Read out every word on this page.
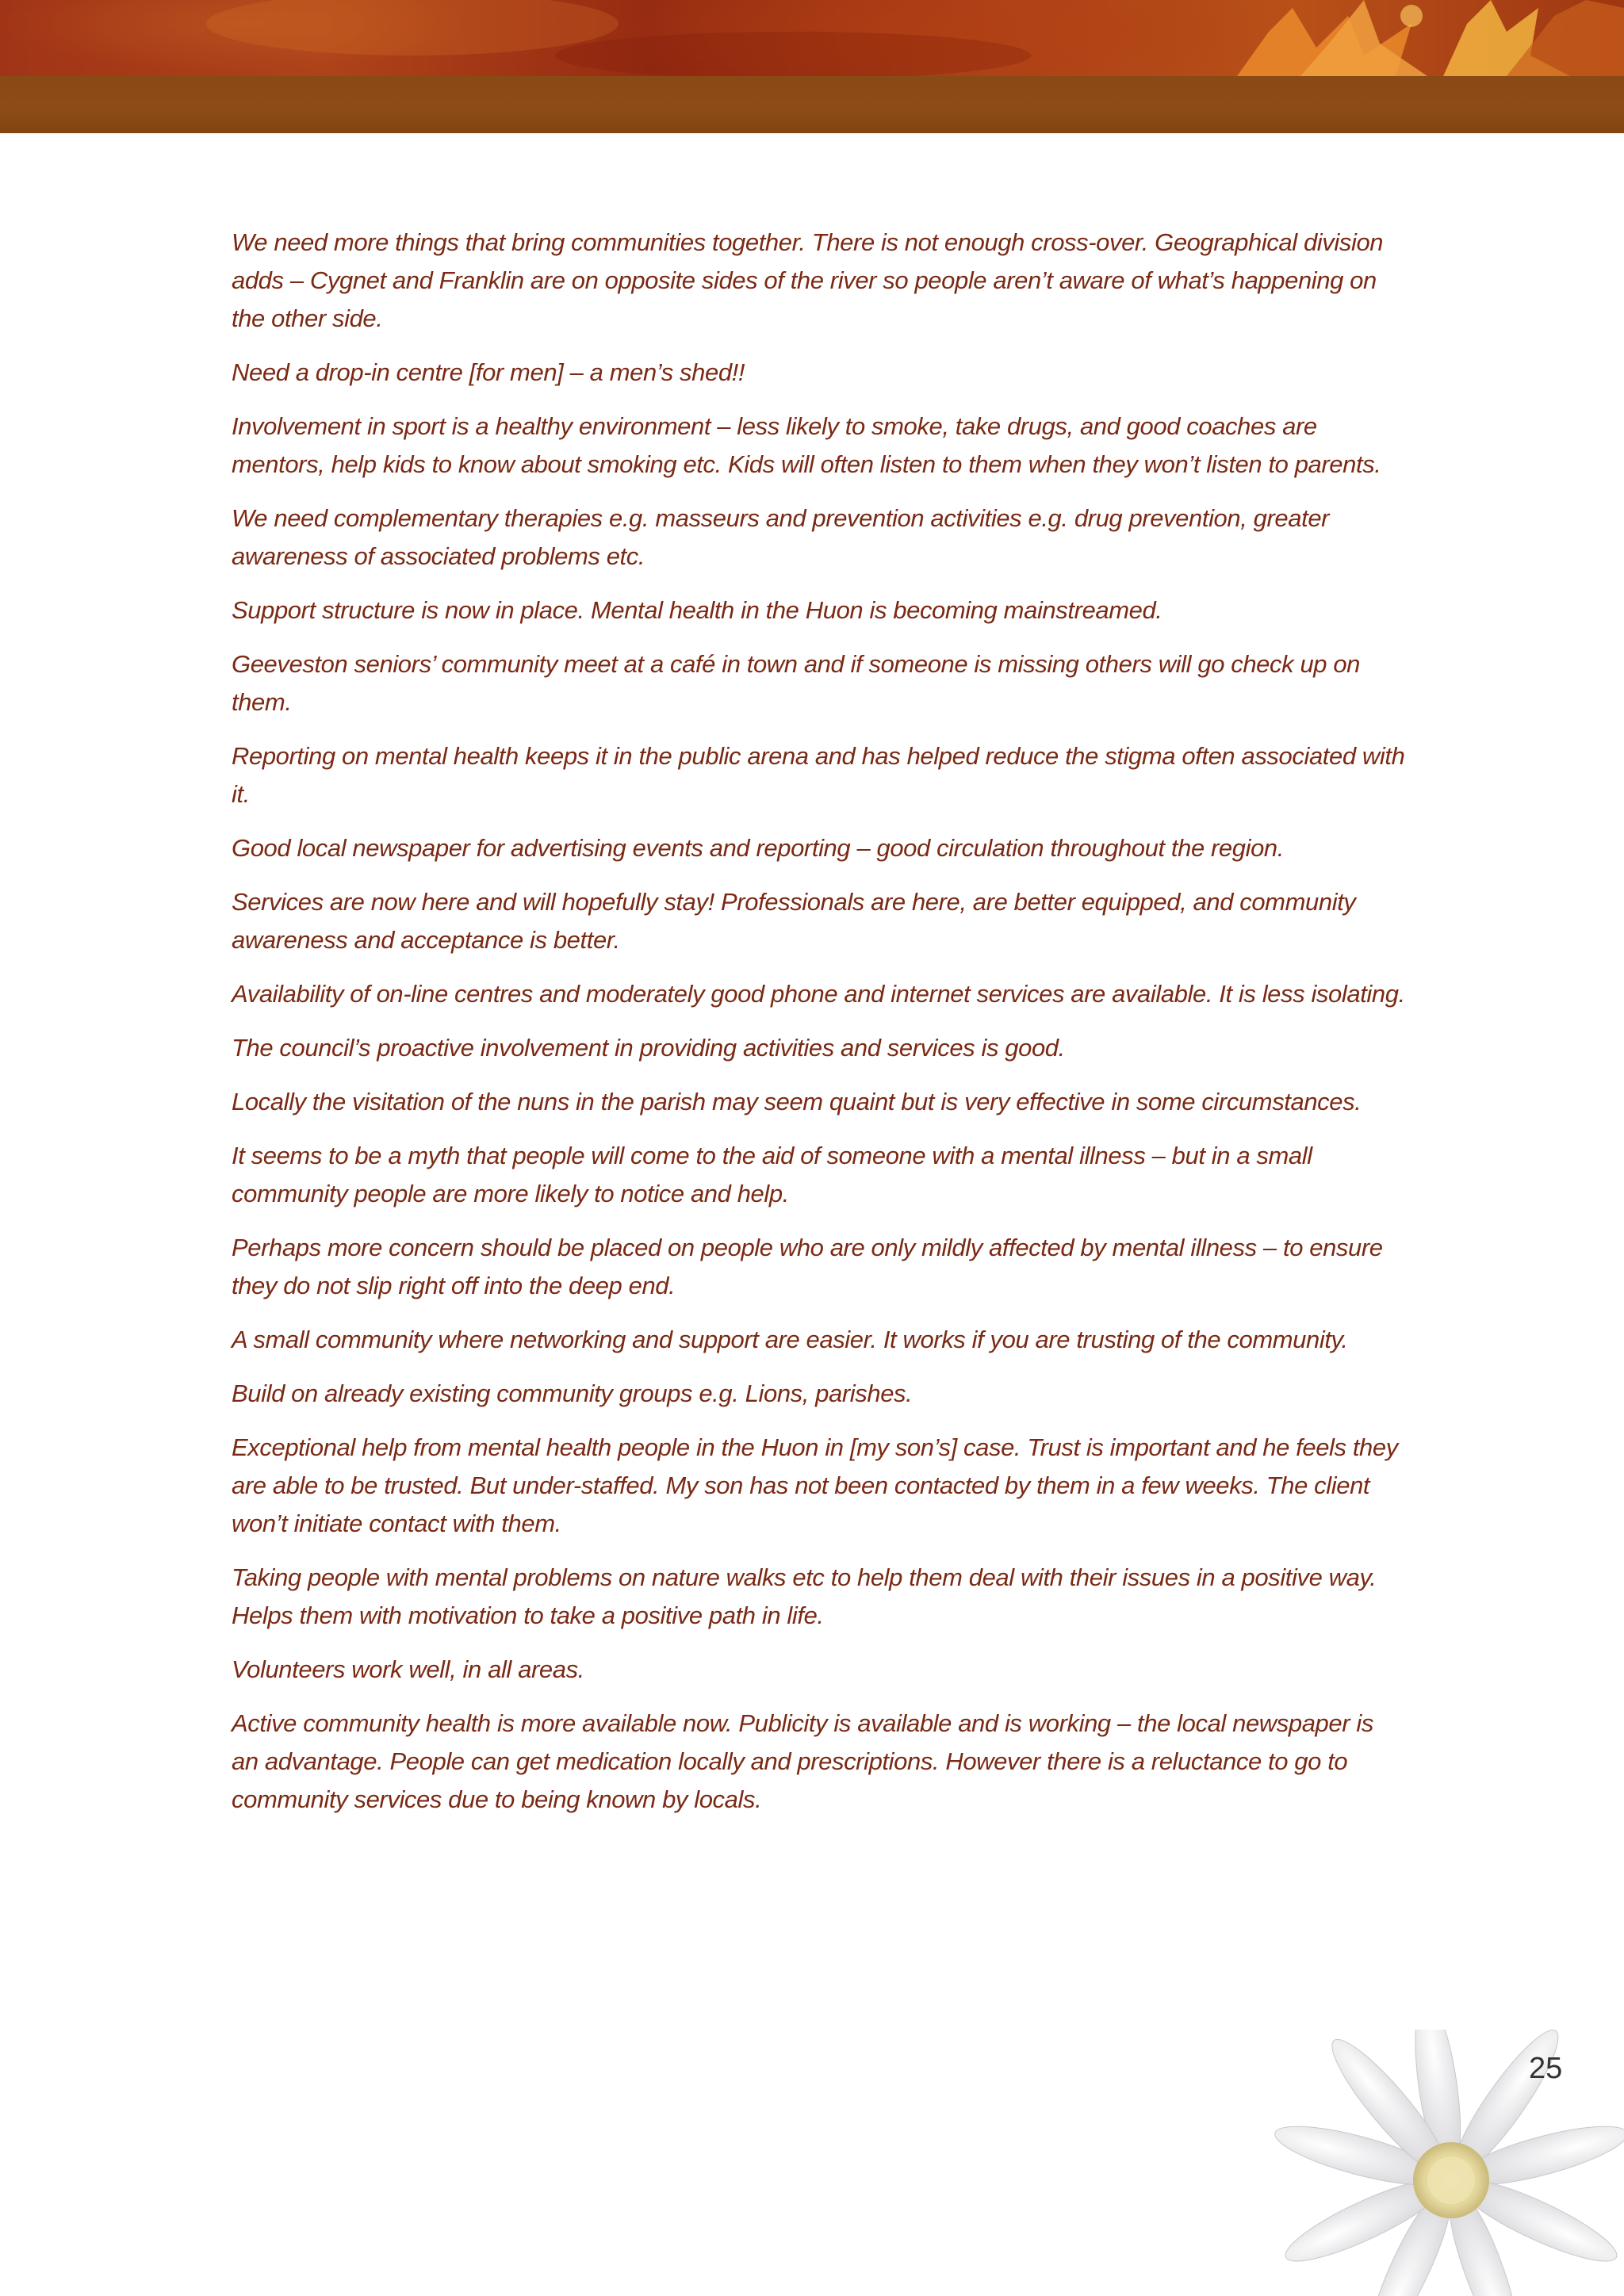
We need more things that bring communities together. There is not enough cross-over. Geographical division adds – Cygnet and Franklin are on opposite sides of the river so people aren’t aware of what’s happening on the other side.

Need a drop-in centre [for men] – a men’s shed!!

Involvement in sport is a healthy environment – less likely to smoke, take drugs, and good coaches are mentors, help kids to know about smoking etc. Kids will often listen to them when they won’t listen to parents.

We need complementary therapies e.g. masseurs and prevention activities e.g. drug prevention, greater awareness of associated problems etc.

Support structure is now in place. Mental health in the Huon is becoming mainstreamed.

Geeveston seniors’ community meet at a café in town and if someone is missing others will go check up on them.

Reporting on mental health keeps it in the public arena and has helped reduce the stigma often associated with it.

Good local newspaper for advertising events and reporting – good circulation throughout the region.

Services are now here and will hopefully stay! Professionals are here, are better equipped, and community awareness and acceptance is better.

Availability of on-line centres and moderately good phone and internet services are available. It is less isolating.

The council’s proactive involvement in providing activities and services is good.

Locally the visitation of the nuns in the parish may seem quaint but is very effective in some circumstances.

It seems to be a myth that people will come to the aid of someone with a mental illness – but in a small community people are more likely to notice and help.

Perhaps more concern should be placed on people who are only mildly affected by mental illness – to ensure they do not slip right off into the deep end.

A small community where networking and support are easier. It works if you are trusting of the community.

Build on already existing community groups e.g. Lions, parishes.

Exceptional help from mental health people in the Huon in [my son’s] case. Trust is important and he feels they are able to be trusted. But under-staffed. My son has not been contacted by them in a few weeks. The client won’t initiate contact with them.

Taking people with mental problems on nature walks etc to help them deal with their issues in a positive way. Helps them with motivation to take a positive path in life.

Volunteers work well, in all areas.

Active community health is more available now. Publicity is available and is working – the local newspaper is an advantage. People can get medication locally and prescriptions. However there is a reluctance to go to community services due to being known by locals.

25
